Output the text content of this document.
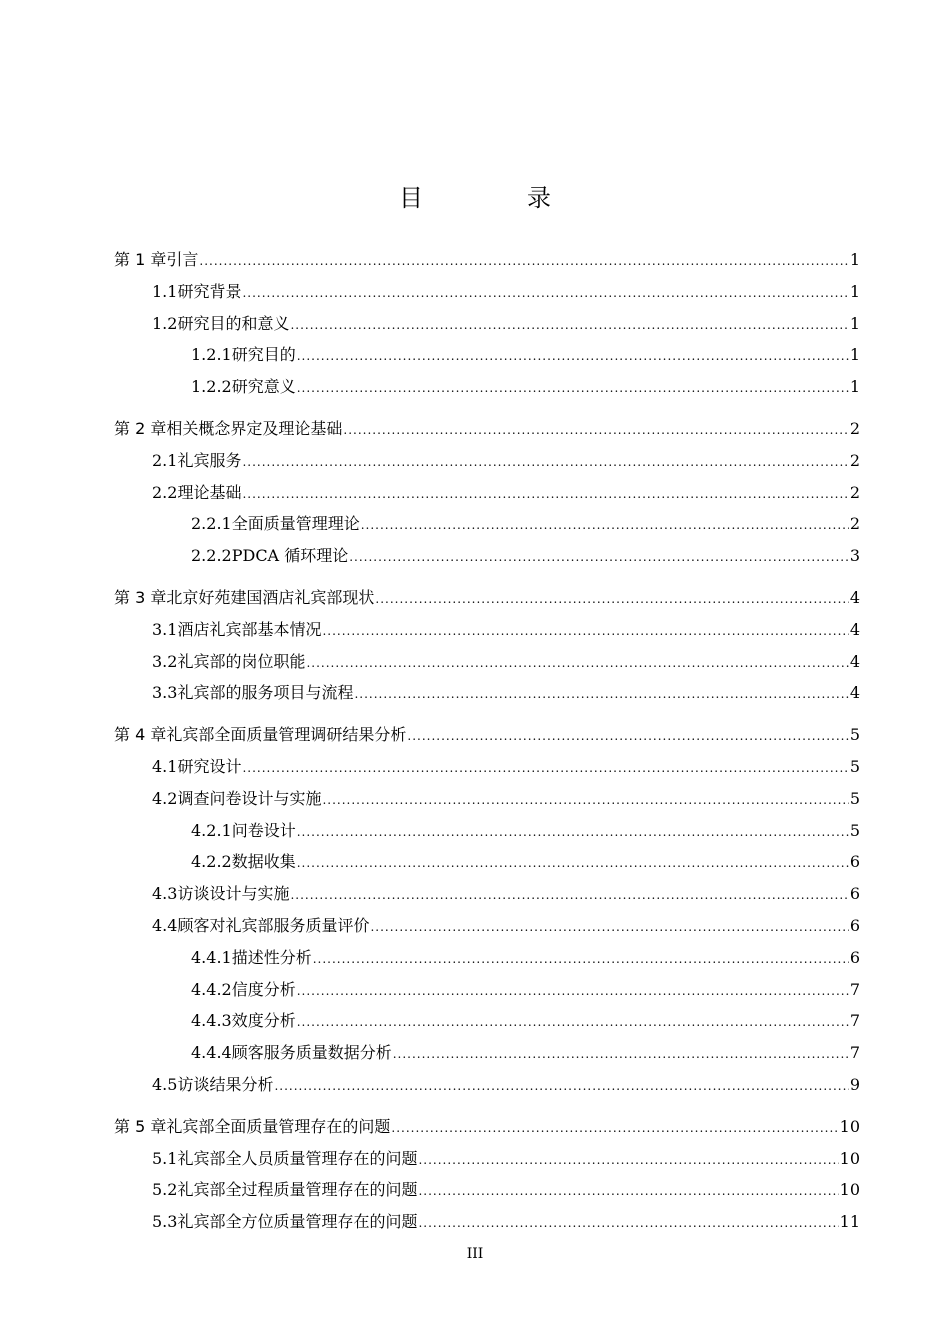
目　录
第 1 章 引言 .....	1
1.1 研究背景 .....	1
1.2 研究目的和意义 .....	1
1.2.1 研究目的 .....	1
1.2.2 研究意义 .....	1
第 2 章 相关概念界定及理论基础 .....	2
2.1 礼宾服务 .....	2
2.2 理论基础 .....	2
2.2.1 全面质量管理理论 .....	2
2.2.2 PDCA 循环理论 .....	3
第 3 章 北京好苑建国酒店礼宾部现状 .....	4
3.1 酒店礼宾部基本情况 .....	4
3.2 礼宾部的岗位职能 .....	4
3.3 礼宾部的服务项目与流程 .....	4
第 4 章 礼宾部全面质量管理调研结果分析 .....	5
4.1 研究设计 .....	5
4.2 调查问卷设计与实施 .....	5
4.2.1 问卷设计 .....	5
4.2.2 数据收集 .....	6
4.3 访谈设计与实施 .....	6
4.4 顾客对礼宾部服务质量评价 .....	6
4.4.1 描述性分析 .....	6
4.4.2 信度分析 .....	7
4.4.3 效度分析 .....	7
4.4.4 顾客服务质量数据分析 .....	7
4.5 访谈结果分析 .....	9
第 5 章 礼宾部全面质量管理存在的问题 .....	10
5.1 礼宾部全人员质量管理存在的问题 .....	10
5.2 礼宾部全过程质量管理存在的问题 .....	10
5.3 礼宾部全方位质量管理存在的问题 .....	11
III
